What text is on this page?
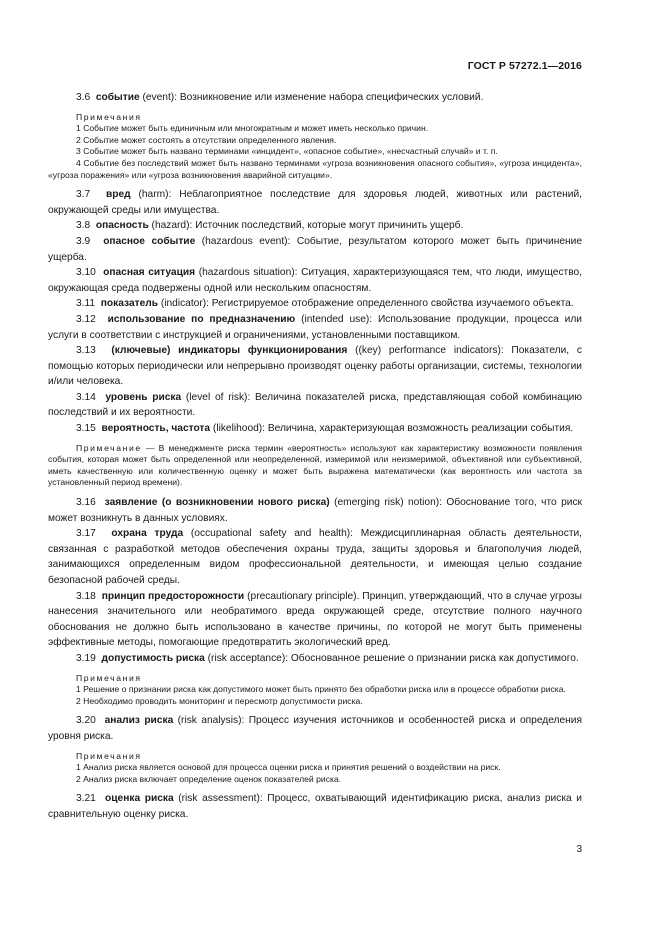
ГОСТ Р 57272.1—2016

3.6 событие (event): Возникновение или изменение набора специфических условий.

Примечания

1 Событие может быть единичным или многократным и может иметь несколько причин.

2 Событие может состоять в отсутствии определенного явления.

3 Событие может быть названо терминами «инцидент», «опасное событие», «несчастный случай» и т. п.

4 Событие без последствий может быть названо терминами «угроза возникновения опасного события», «угроза инцидента», «угроза поражения» или «угроза возникновения аварийной ситуации».

3.7 вред (harm): Неблагоприятное последствие для здоровья людей, животных или растений, окружающей среды или имущества.

3.8 опасность (hazard): Источник последствий, которые могут причинить ущерб.

3.9 опасное событие (hazardous event): Событие, результатом которого может быть причинение ущерба.

3.10 опасная ситуация (hazardous situation): Ситуация, характеризующаяся тем, что люди, имущество, окружающая среда подвержены одной или нескольким опасностям.

3.11 показатель (indicator): Регистрируемое отображение определенного свойства изучаемого объекта.

3.12 использование по предназначению (intended use): Использование продукции, процесса или услуги в соответствии с инструкцией и ограничениями, установленными поставщиком.

3.13 (ключевые) индикаторы функционирования ((key) performance indicators): Показатели, с помощью которых периодически или непрерывно производят оценку работы организации, системы, технологии и/или человека.

3.14 уровень риска (level of risk): Величина показателей риска, представляющая собой комбинацию последствий и их вероятности.

3.15 вероятность, частота (likelihood): Величина, характеризующая возможность реализации события.

Примечание — В менеджменте риска термин «вероятность» используют как характеристику возможности появления события, которая может быть определенной или неопределенной, измеримой или неизмеримой, объективной или субъективной, иметь качественную или количественную оценку и может быть выражена математически (как вероятность или частота за установленный период времени).

3.16 заявление (о возникновении нового риска) (emerging risk) notion): Обоснование того, что риск может возникнуть в данных условиях.

3.17 охрана труда (occupational safety and health): Междисциплинарная область деятельности, связанная с разработкой методов обеспечения охраны труда, защиты здоровья и благополучия людей, занимающихся определенным видом профессиональной деятельности, и имеющая целью создание безопасной рабочей среды.

3.18 принцип предосторожности (precautionary principle). Принцип, утверждающий, что в случае угрозы нанесения значительного или необратимого вреда окружающей среде, отсутствие полного научного обоснования не должно быть использовано в качестве причины, по которой не могут быть применены эффективные методы, помогающие предотвратить экологический вред.

3.19 допустимость риска (risk acceptance): Обоснованное решение о признании риска как допустимого.

Примечания

1 Решение о признании риска как допустимого может быть принято без обработки риска или в процессе обработки риска.

2 Необходимо проводить мониторинг и пересмотр допустимости риска.

3.20 анализ риска (risk analysis): Процесс изучения источников и особенностей риска и определения уровня риска.

Примечания

1 Анализ риска является основой для процесса оценки риска и принятия решений о воздействии на риск.

2 Анализ риска включает определение оценок показателей риска.

3.21 оценка риска (risk assessment): Процесс, охватывающий идентификацию риска, анализ риска и сравнительную оценку риска.

3
